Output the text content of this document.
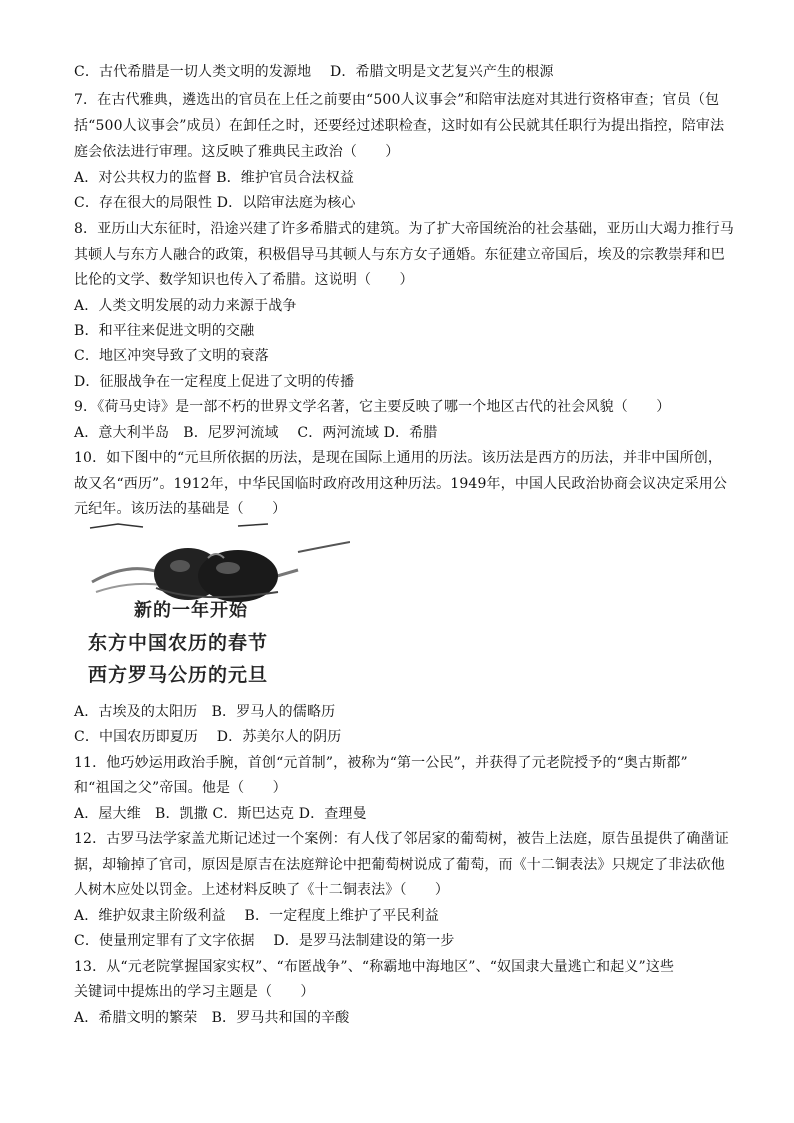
C．古代希腊是一切人类文明的发源地　 D．希腊文明是文艺复兴产生的根源
7．在古代雅典，遴选出的官员在上任之前要由“500人议事会”和陪审法庭对其进行资格审查；官员（包
括“500人议事会”成员）在卸任之时，还要经过述职检查，这时如有公民就其任职行为提出指控，陪审法
庭会依法进行审理。这反映了雅典民主政治（　　）
A．对公共权力的监督 B．维护官员合法权益
C．存在很大的局限性 D．以陪审法庭为核心
8．亚历山大东征时，沿途兴建了许多希腊式的建筑。为了扩大帝国统治的社会基础，亚历山大竭力推行马
其顿人与东方人融合的政策，积极倡导马其顿人与东方女子通婚。东征建立帝国后，埃及的宗教崇拜和巴
比伦的文学、数学知识也传入了希腊。这说明（　　）
A．人类文明发展的动力来源于战争
B．和平往来促进文明的交融
C．地区冲突导致了文明的衰落
D．征服战争在一定程度上促进了文明的传播
9．《荷马史诗》是一部不朽的世界文学名著，它主要反映了哪一个地区古代的社会风貌（　　）
A．意大利半岛　B．尼罗河流域　 C．两河流域 D．希腊
10．如下图中的“元旦所依据的历法，是现在国际上通用的历法。该历法是西方的历法，并非中国所创，
故又名“西历”。1912年，中华民国临时政府改用这种历法。1949年，中国人民政治协商会议决定采用公
元纪年。该历法的基础是（　　）
新的一年开始
东方中国农历的春节
西方罗马公历的元旦
A．古埃及的太阳历　B．罗马人的儒略历
C．中国农历即夏历　 D．苏美尔人的阴历
11．他巧妙运用政治手腕，首创“元首制”，被称为“第一公民”，并获得了元老院授予的“奥古斯都”
和“祖国之父”帝国。他是（　　）
A．屋大维　B．凯撒 C．斯巴达克 D．查理曼
12．古罗马法学家盖尤斯记述过一个案例：有人伐了邻居家的葡萄树，被告上法庭，原告虽提供了确凿证
据，却输掉了官司，原因是原吉在法庭辩论中把葡萄树说成了葡萄，而《十二铜表法》只规定了非法砍他
人树木应处以罚金。上述材料反映了《十二铜表法》（　　）
A．维护奴隶主阶级利益　 B．一定程度上维护了平民利益
C．使量刑定罪有了文字依据　 D．是罗马法制建设的第一步
13．从“元老院掌握国家实权”、“布匿战争”、“称霸地中海地区”、“奴国隶大量逃亡和起义”这些
关键词中提炼出的学习主题是（　　）
A．希腊文明的繁荣　B．罗马共和国的辛酸
